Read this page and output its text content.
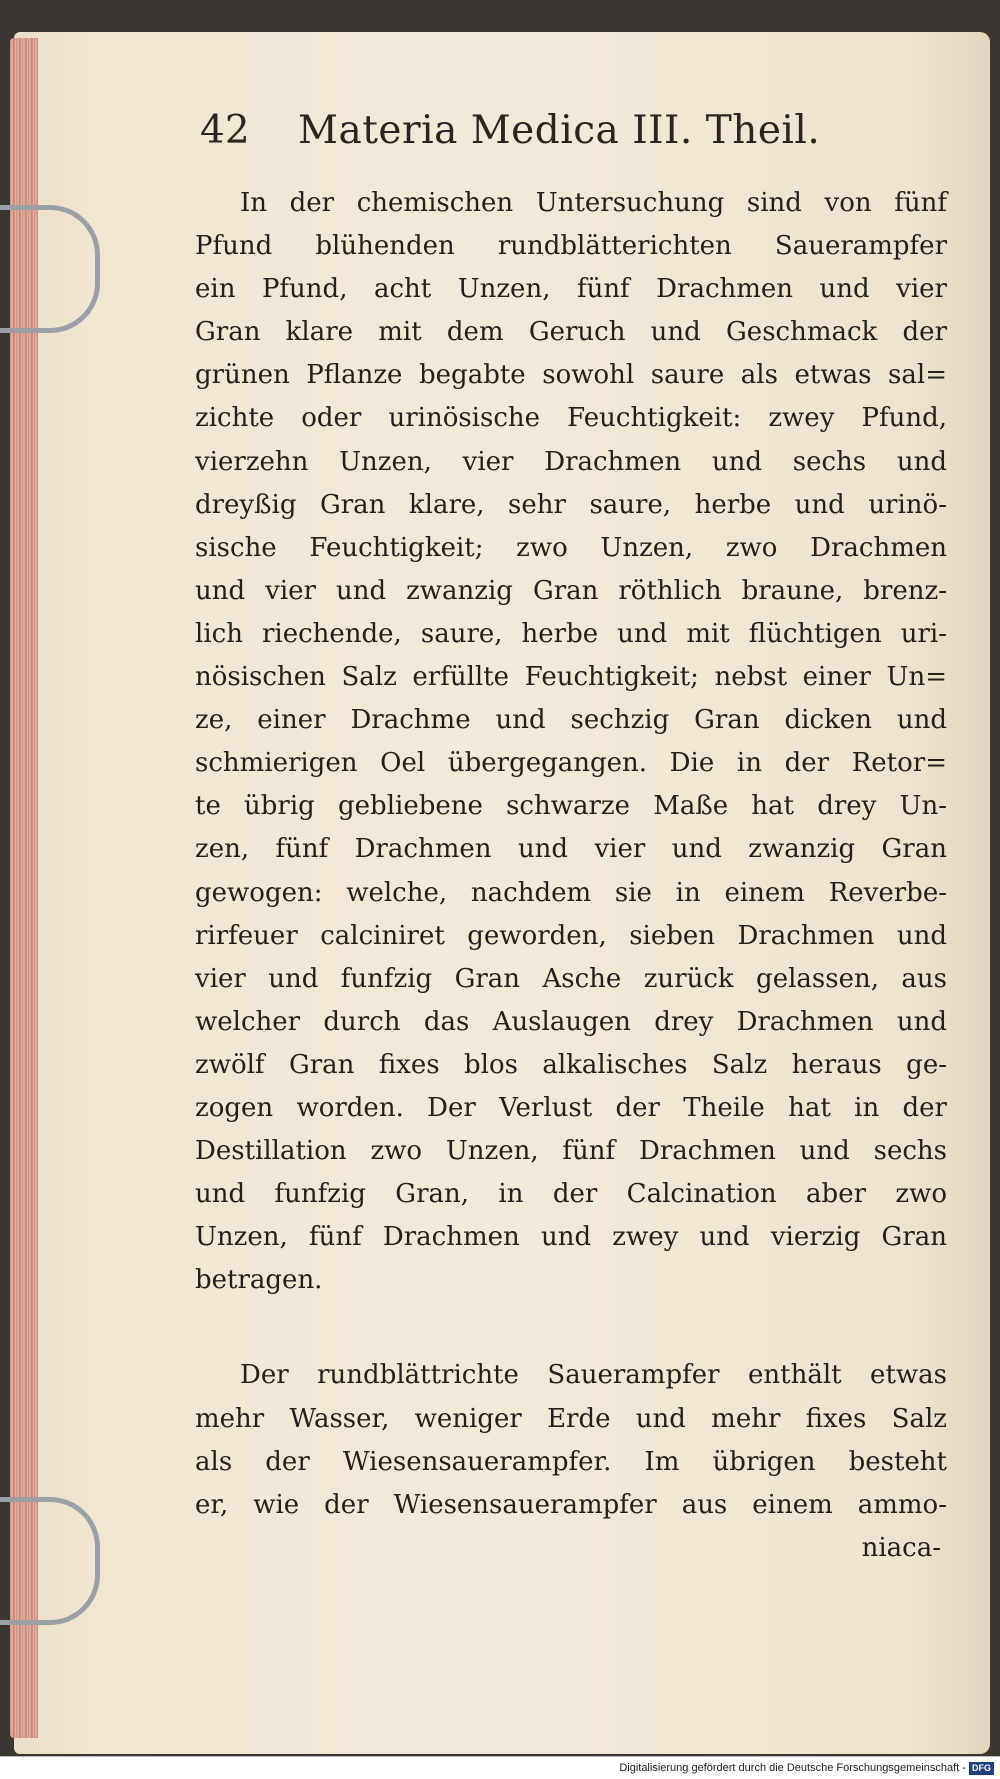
42 Materia Medica III. Theil.
In der chemischen Untersuchung sind von fünf
Pfund blühenden rundblätterichten Sauerampfer
ein Pfund, acht Unzen, fünf Drachmen und vier
Gran klare mit dem Geruch und Geschmack der
grünen Pflanze begabte sowohl saure als etwas sal=
zichte oder urinösische Feuchtigkeit: zwey Pfund,
vierzehn Unzen, vier Drachmen und sechs und
dreyßig Gran klare, sehr saure, herbe und urinö-
sische Feuchtigkeit; zwo Unzen, zwo Drachmen
und vier und zwanzig Gran röthlich braune, brenz-
lich riechende, saure, herbe und mit flüchtigen uri-
nösischen Salz erfüllte Feuchtigkeit; nebst einer Un=
ze, einer Drachme und sechzig Gran dicken und
schmierigen Oel übergegangen. Die in der Retor=
te übrig gebliebene schwarze Maße hat drey Un-
zen, fünf Drachmen und vier und zwanzig Gran
gewogen: welche, nachdem sie in einem Reverbe-
rirfeuer calciniret geworden, sieben Drachmen und
vier und funfzig Gran Asche zurück gelassen, aus
welcher durch das Auslaugen drey Drachmen und
zwölf Gran fixes blos alkalisches Salz heraus ge-
zogen worden. Der Verlust der Theile hat in der
Destillation zwo Unzen, fünf Drachmen und sechs
und funfzig Gran, in der Calcination aber zwo
Unzen, fünf Drachmen und zwey und vierzig Gran
betragen.
Der rundblättrichte Sauerampfer enthält etwas
mehr Wasser, weniger Erde und mehr fixes Salz
als der Wiesensauerampfer. Im übrigen besteht
er, wie der Wiesensauerampfer aus einem ammo-
niaca-
Digitalisierung gefördert durch die Deutsche Forschungsgemeinschaft - DFG
